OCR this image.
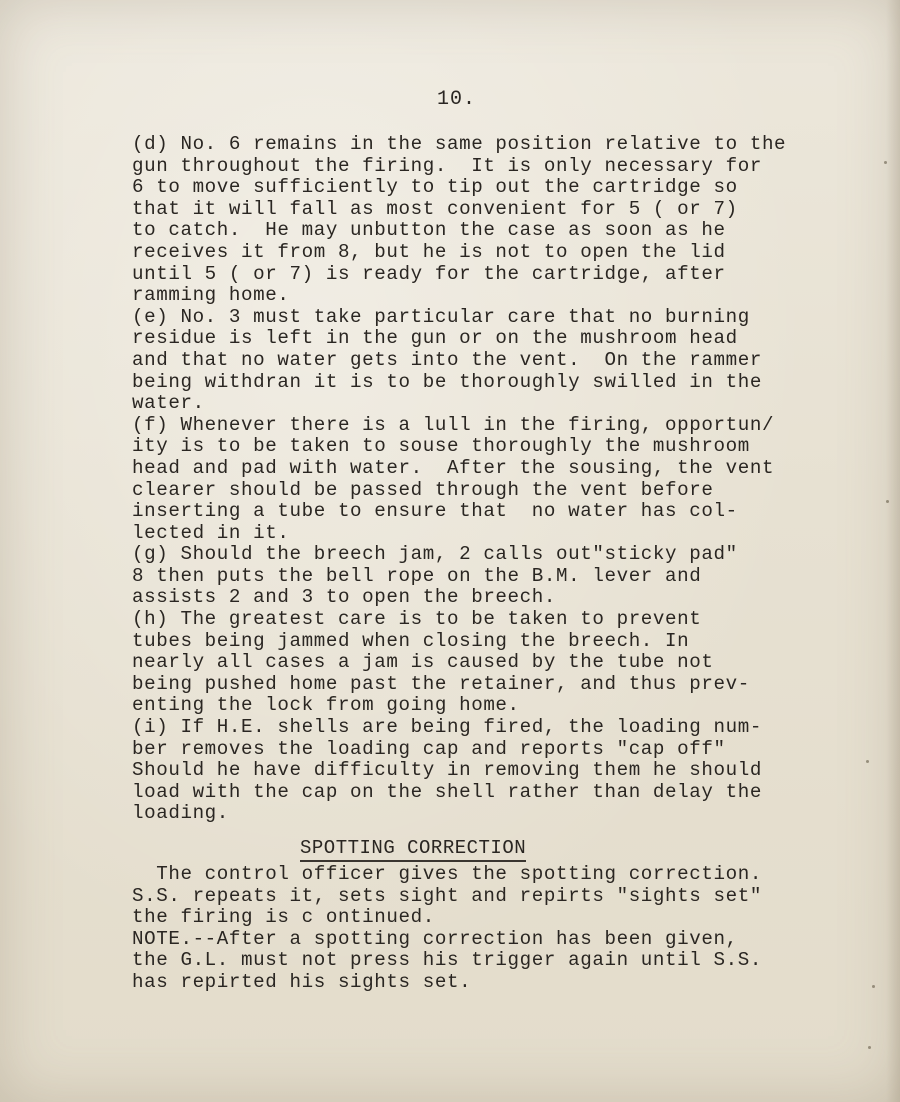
10.
(d) No. 6 remains in the same position relative to the
gun throughout the firing.  It is only necessary for
6 to move sufficiently to tip out the cartridge so
that it will fall as most convenient for 5 ( or 7)
to catch.  He may unbutton the case as soon as he
receives it from 8, but he is not to open the lid
until 5 ( or 7) is ready for the cartridge, after
ramming home.
(e) No. 3 must take particular care that no burning
residue is left in the gun or on the mushroom head
and that no water gets into the vent.  On the rammer
being withdran it is to be thoroughly swilled in the
water.
(f) Whenever there is a lull in the firing, opportun/
ity is to be taken to souse thoroughly the mushroom
head and pad with water.  After the sousing, the vent
clearer should be passed through the vent before
inserting a tube to ensure that  no water has col-
lected in it.
(g) Should the breech jam, 2 calls out"sticky pad"
8 then puts the bell rope on the B.M. lever and
assists 2 and 3 to open the breech.
(h) The greatest care is to be taken to prevent
tubes being jammed when closing the breech. In
nearly all cases a jam is caused by the tube not
being pushed home past the retainer, and thus prev-
enting the lock from going home.
(i) If H.E. shells are being fired, the loading num-
ber removes the loading cap and reports "cap off"
Should he have difficulty in removing them he should
load with the cap on the shell rather than delay the
loading.
SPOTTING CORRECTION
The control officer gives the spotting correction.
S.S. repeats it, sets sight and repirts "sights set"
the firing is c ontinued.
NOTE.--After a spotting correction has been given,
the G.L. must not press his trigger again until S.S.
has repirted his sights set.
